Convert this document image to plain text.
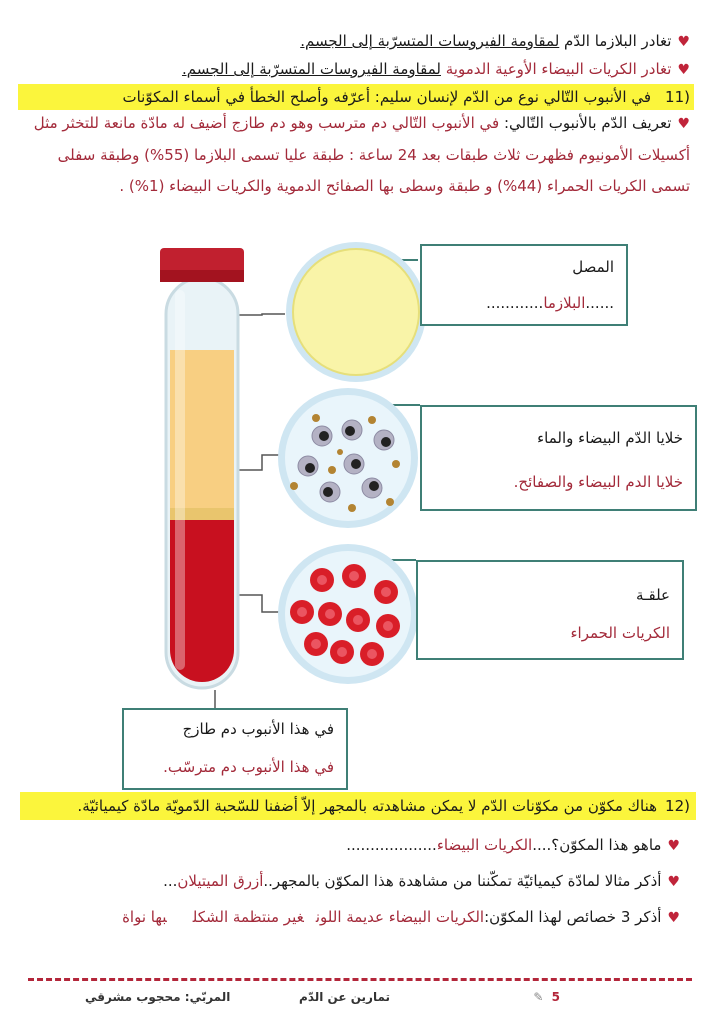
♥تغادر البلازما الدّم لمقاومة الفيروسات المتسرّبة إلى الجسم.
♥تغادر الكريات البيضاء الأوعية الدموية لمقاومة الفيروسات المتسرّبة إلى الجسم.
(11في الأنبوب التّالي نوع من الدّم لإنسان سليم: أعرّفه وأصلح الخطأ في أسماء المكوّنات
♥تعريف الدّم بالأنبوب التّالي: في الأنبوب التّالي دم مترسب وهو دم طازج أضيف له مادّة مانعة للتخثر مثل أكسيلات الأمونيوم فظهرت ثلاث طبقات بعد 24 ساعة : طبقة عليا تسمى البلازما (55%) وطبقة سفلى تسمى الكريات الحمراء (44%) و طبقة وسطى بها الصفائح الدموية والكريات البيضاء (1%) .
المصل
......البلازما............
خلايا الدّم البيضاء والماء
خلايا الدم البيضاء والصفائح.
علقـة
الكريات الحمراء
في هذا الأنبوب دم طازج
في هذا الأنبوب دم مترسّب.
(12هناك مكوّن من مكوّنات الدّم لا يمكن مشاهدته بالمجهر إلاّ أضفنا للسّحبة الدّمويّة مادّة كيميائيّة.
♥ماهو هذا المكوّن؟....الكريات البيضاء...................
♥أذكر مثالا لمادّة كيميائيّة تمكّننا من مشاهدة هذا المكوّن بالمجهر..أزرق الميتيلان...
♥أذكر 3 خصائص لهذا المكوّن:الكريات البيضاء عديمة اللونغير منتظمة الشكلبها نواة
5 ✎
تمارين عن الدّم
المربّي: محجوب مشرقي
